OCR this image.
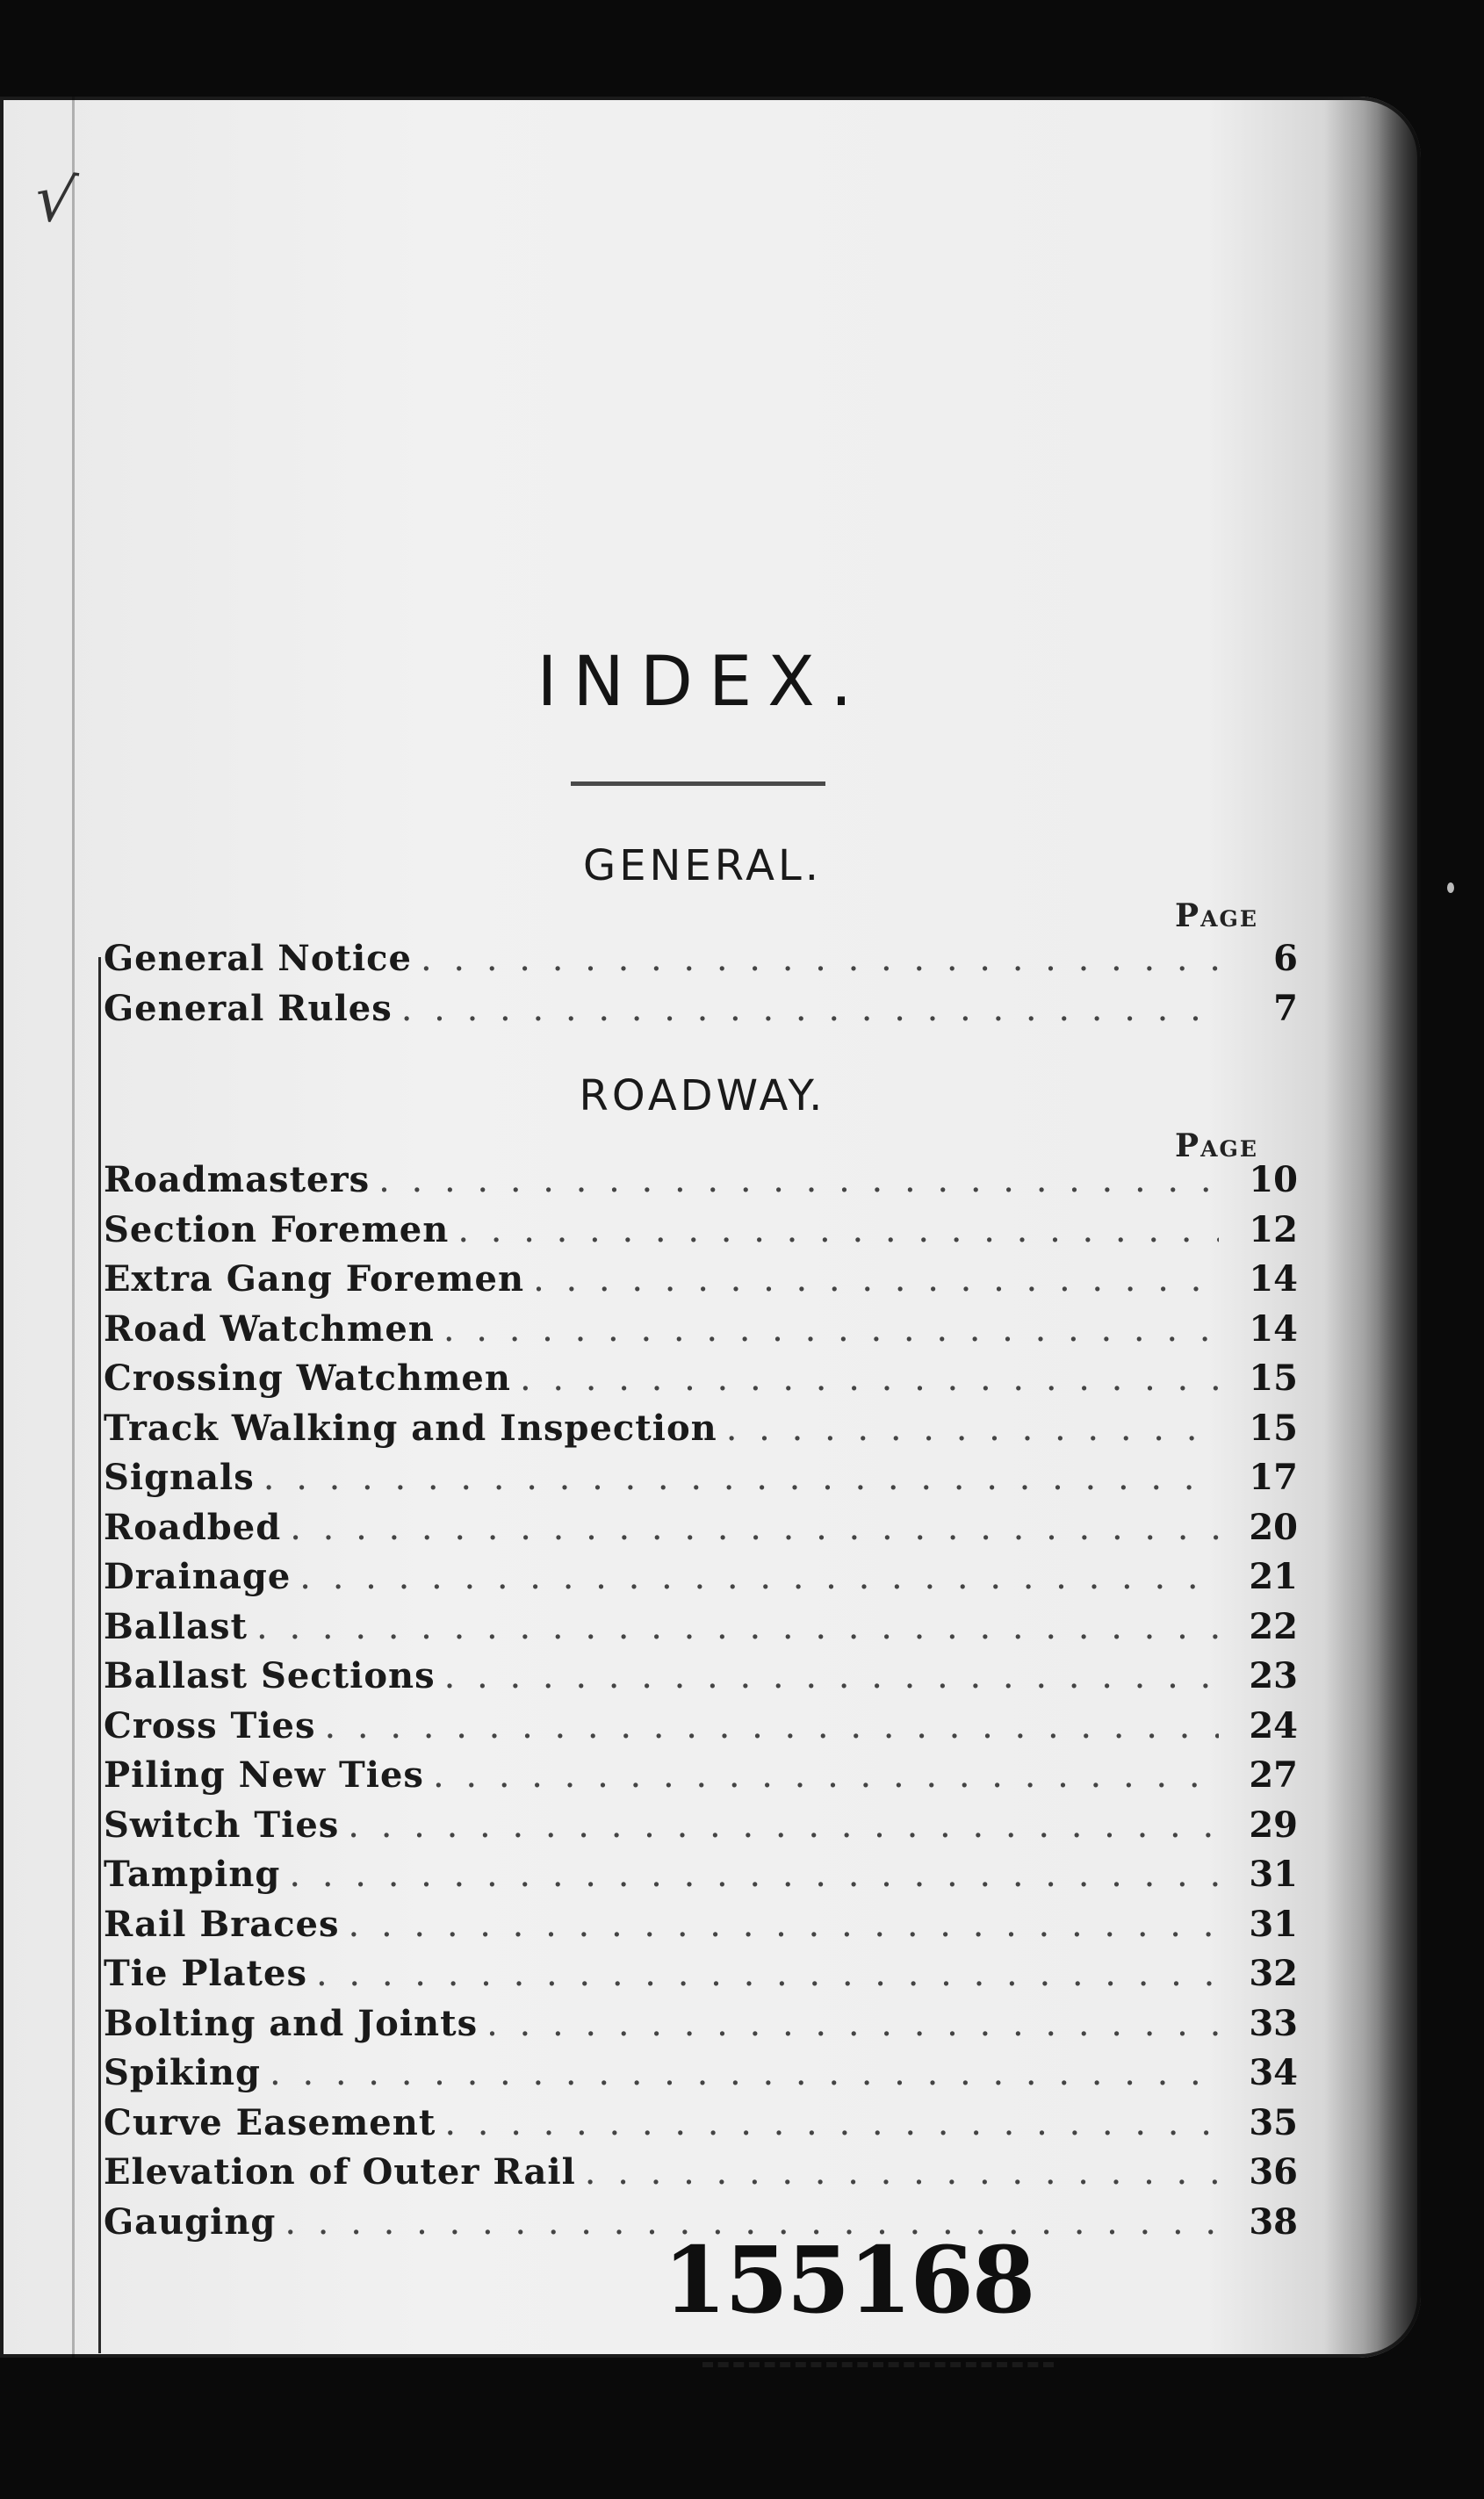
√
INDEX.
GENERAL.
Page
General Notice . . .	6
General Rules . . .	7
ROADWAY.
Page
Roadmasters . . .	10
Section Foremen . . .	12
Extra Gang Foremen . . .	14
Road Watchmen . . .	14
Crossing Watchmen . . .	15
Track Walking and Inspection . . .	15
Signals . . .	17
Roadbed . . .	20
Drainage . . .	21
Ballast . . .	22
Ballast Sections . . .	23
Cross Ties . . .	24
Piling New Ties . . .	27
Switch Ties . . .	29
Tamping . . .	31
Rail Braces . . .	31
Tie Plates . . .	32
Bolting and Joints . . .	33
Spiking . . .	34
Curve Easement . . .	35
Elevation of Outer Rail . . .	36
Gauging . . .	38
155168
